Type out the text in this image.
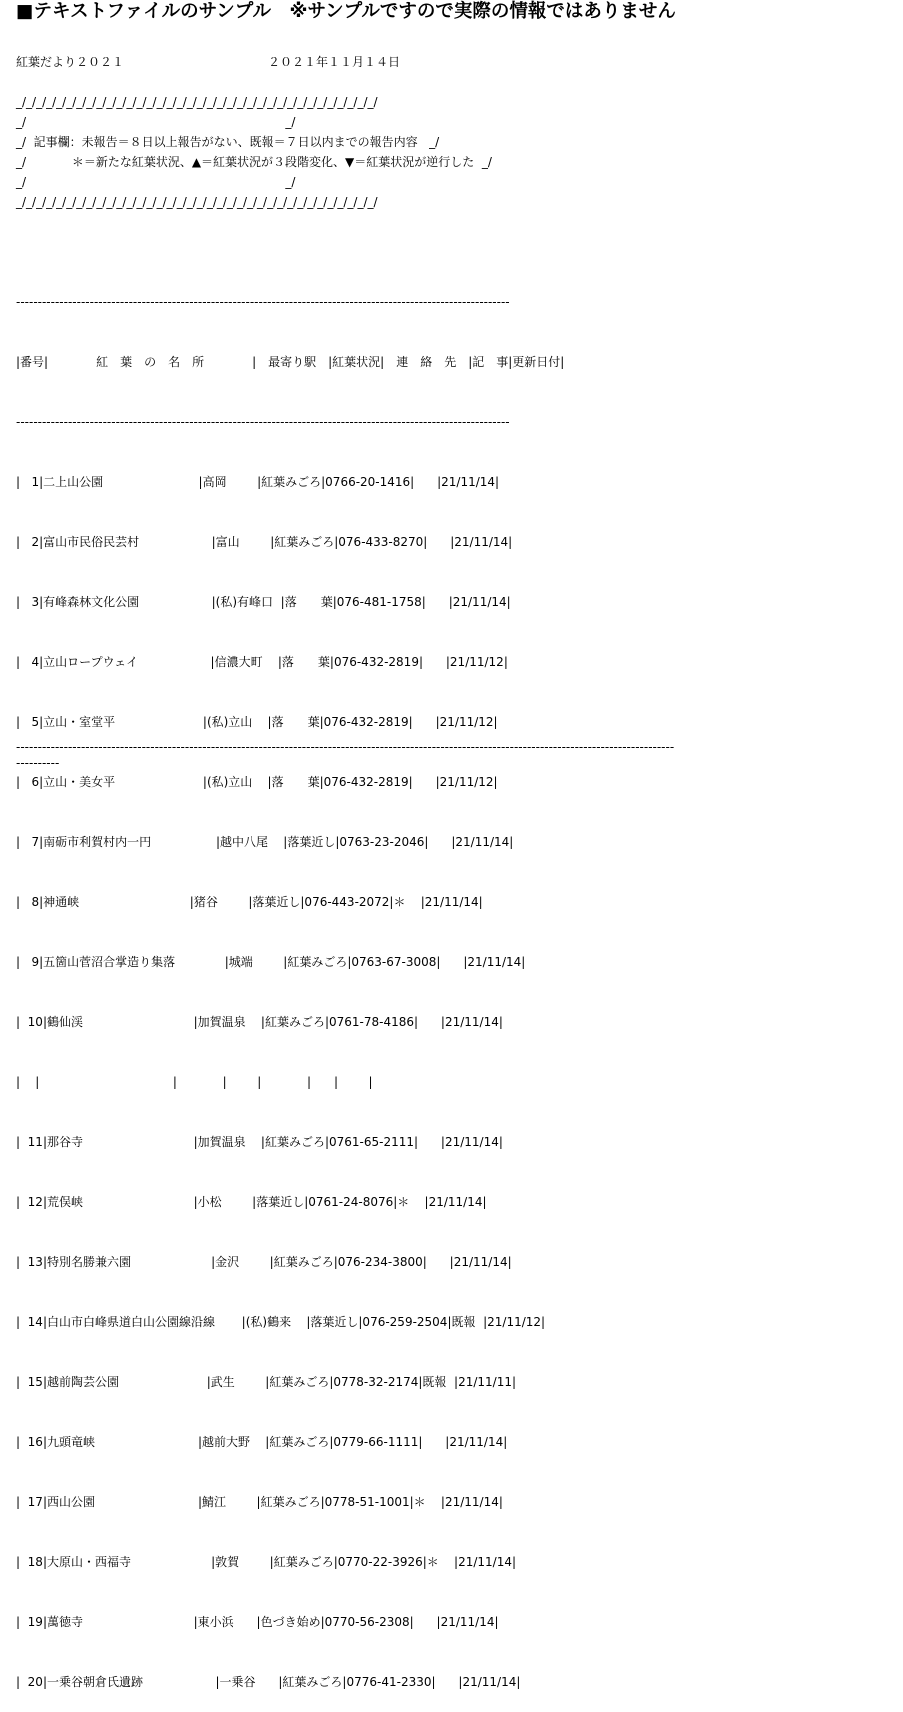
■テキストファイルのサンプル　※サンプルですので実際の情報ではありません
紅葉だより２０２１　　　　　　　　　　　　２０２１年１１月１４日
_/_/_/_/_/_/_/_/_/_/_/_/_/_/_/_/_/_/_/_/_/_/_/_/_/_/_/_/_/_/_/_/_/_/_/_/
_/                                                                    _/
_/  記事欄：未報告＝８日以上報告がない、既報＝７日以内までの報告内容   _/
_/            ＊＝新たな紅葉状況、▲＝紅葉状況が３段階変化、▼＝紅葉状況が逆行した  _/
_/                                                                    _/
_/_/_/_/_/_/_/_/_/_/_/_/_/_/_/_/_/_/_/_/_/_/_/_/_/_/_/_/_/_/_/_/_/_/_/_/

------------------------------------------------------------------------------------------------------------------

|番号|　　　　紅　葉　の　名　所　　　　|　最寄り駅　|紅葉状況|　連　絡　先　|記　事|更新日付|

------------------------------------------------------------------------------------------------------------------

|   1|二上山公園                         |高岡        |紅葉みごろ|0766-20-1416|      |21/11/14|

|   2|富山市民俗民芸村                   |富山        |紅葉みごろ|076-433-8270|      |21/11/14|

|   3|有峰森林文化公園                   |(私)有峰口  |落　　葉|076-481-1758|      |21/11/14|

|   4|立山ロープウェイ                   |信濃大町    |落　　葉|076-432-2819|      |21/11/12|

|   5|立山・室堂平                       |(私)立山    |落　　葉|076-432-2819|      |21/11/12|

|   6|立山・美女平                       |(私)立山    |落　　葉|076-432-2819|      |21/11/12|

|   7|南砺市利賀村内一円                 |越中八尾    |落葉近し|0763-23-2046|      |21/11/14|

|   8|神通峡                             |猪谷        |落葉近し|076-443-2072|＊    |21/11/14|

|   9|五箇山菅沼合掌造り集落             |城端        |紅葉みごろ|0763-67-3008|      |21/11/14|

|  10|鶴仙渓                             |加賀温泉    |紅葉みごろ|0761-78-4186|      |21/11/14|

|    |                                   |            |        |            |      |        |

|  11|那谷寺                             |加賀温泉    |紅葉みごろ|0761-65-2111|      |21/11/14|

|  12|荒俣峡                             |小松        |落葉近し|0761-24-8076|＊    |21/11/14|

|  13|特別名勝兼六園                     |金沢        |紅葉みごろ|076-234-3800|      |21/11/14|

|  14|白山市白峰県道白山公園線沿線       |(私)鶴来    |落葉近し|076-259-2504|既報  |21/11/12|

|  15|越前陶芸公園                       |武生        |紅葉みごろ|0778-32-2174|既報  |21/11/11|

|  16|九頭竜峡                           |越前大野    |紅葉みごろ|0779-66-1111|      |21/11/14|

|  17|西山公園                           |鯖江        |紅葉みごろ|0778-51-1001|＊    |21/11/14|

|  18|大原山・西福寺                     |敦賀        |紅葉みごろ|0770-22-3926|＊    |21/11/14|

|  19|萬徳寺                             |東小浜      |色づき始め|0770-56-2308|      |21/11/14|

|  20|一乗谷朝倉氏遺跡                   |一乗谷      |紅葉みごろ|0776-41-2330|      |21/11/14|

--------------------------------------------------------------------------------------------------------------------------------------------------------
----------
